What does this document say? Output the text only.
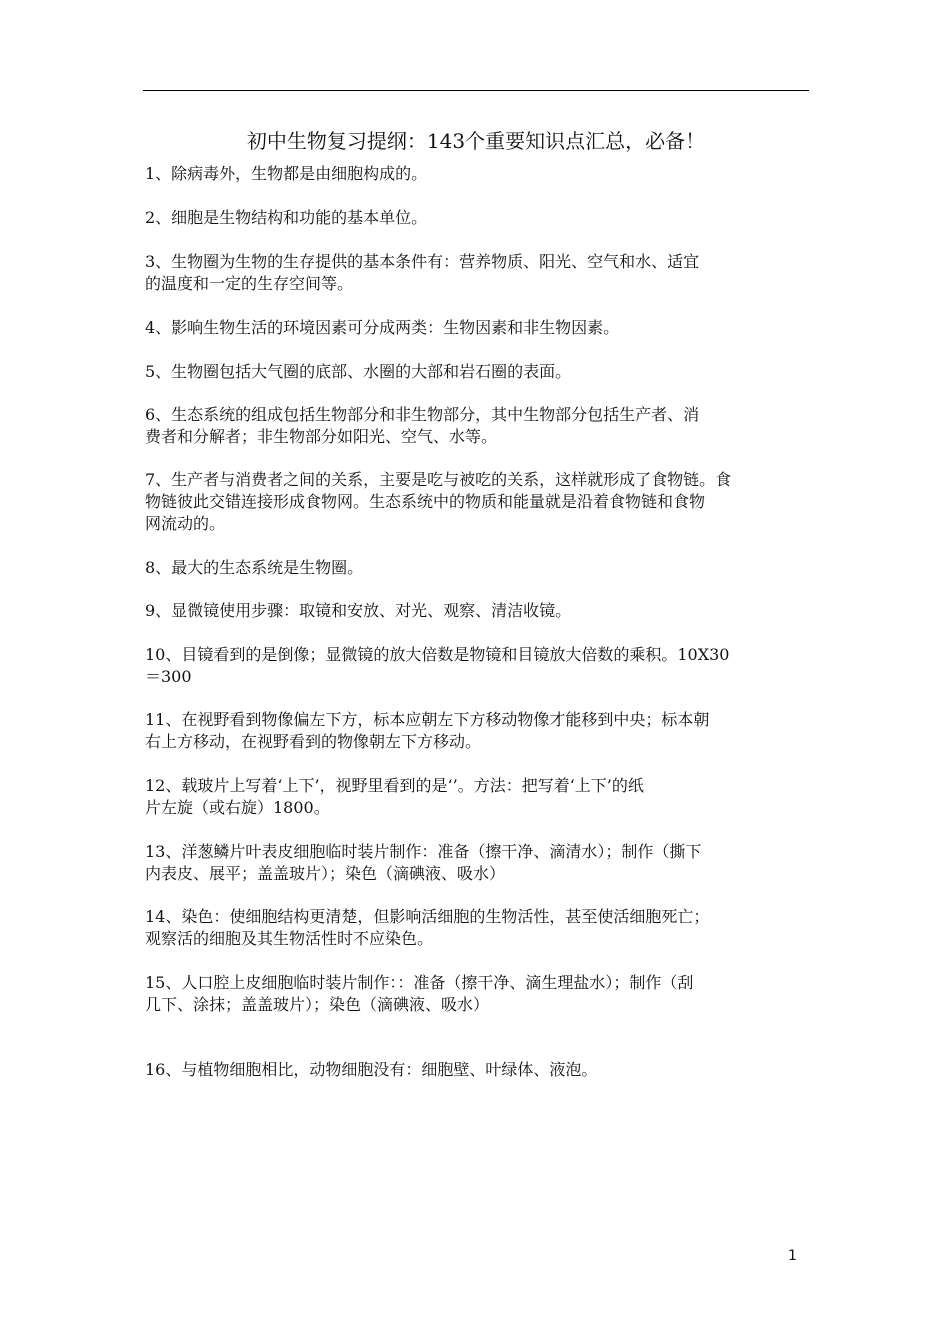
初中生物复习提纲：143个重要知识点汇总，必备！
1、除病毒外，生物都是由细胞构成的。
2、细胞是生物结构和功能的基本单位。
3、生物圈为生物的生存提供的基本条件有：营养物质、阳光、空气和水、适宜
的温度和一定的生存空间等。
4、影响生物生活的环境因素可分成两类：生物因素和非生物因素。
5、生物圈包括大气圈的底部、水圈的大部和岩石圈的表面。
6、生态系统的组成包括生物部分和非生物部分，其中生物部分包括生产者、消
费者和分解者；非生物部分如阳光、空气、水等。
7、生产者与消费者之间的关系，主要是吃与被吃的关系，这样就形成了食物链。食
物链彼此交错连接形成食物网。生态系统中的物质和能量就是沿着食物链和食物
网流动的。
8、最大的生态系统是生物圈。
9、显微镜使用步骤：取镜和安放、对光、观察、清洁收镜。
10、目镜看到的是倒像；显微镜的放大倍数是物镜和目镜放大倍数的乘积。10X30
＝300
11、在视野看到物像偏左下方，标本应朝左下方移动物像才能移到中央；标本朝
右上方移动，在视野看到的物像朝左下方移动。
12、载玻片上写着‘上下’，视野里看到的是‘’。方法：把写着‘上下’的纸
片左旋（或右旋）1800。
13、洋葱鳞片叶表皮细胞临时装片制作：准备（擦干净、滴清水）；制作（撕下
内表皮、展平；盖盖玻片）；染色（滴碘液、吸水）
14、染色：使细胞结构更清楚，但影响活细胞的生物活性，甚至使活细胞死亡；
观察活的细胞及其生物活性时不应染色。
15、人口腔上皮细胞临时装片制作：：准备（擦干净、滴生理盐水）；制作（刮
几下、涂抹；盖盖玻片）；染色（滴碘液、吸水）
16、与植物细胞相比，动物细胞没有：细胞壁、叶绿体、液泡。
1
